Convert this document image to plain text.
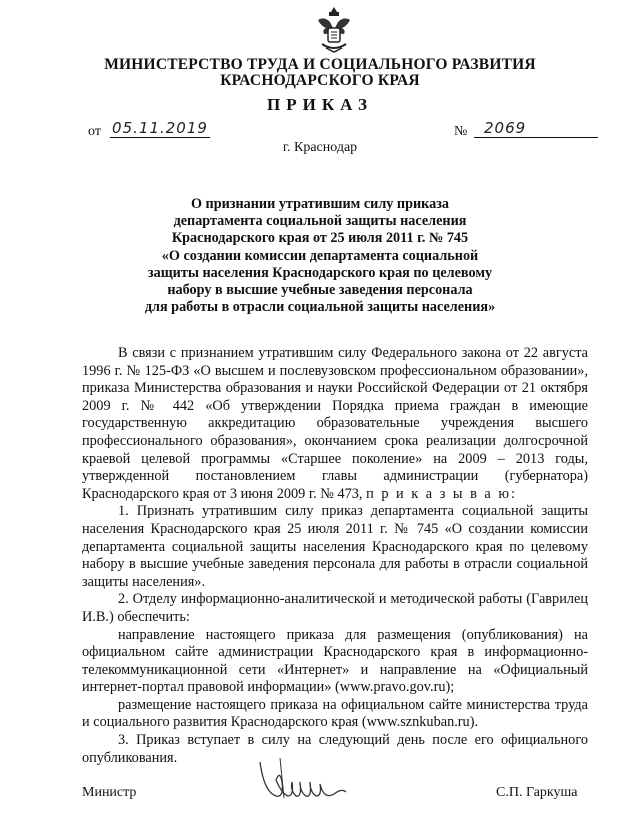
МИНИСТЕРСТВО ТРУДА И СОЦИАЛЬНОГО РАЗВИТИЯ
КРАСНОДАРСКОГО КРАЯ
ПРИКАЗ
от 05.11.2019	№	2069
г. Краснодар
О признании утратившим силу приказа
департамента социальной защиты населения
Краснодарского края от 25 июля 2011 г. № 745
«О создании комиссии департамента социальной
защиты населения Краснодарского края по целевому
набору в высшие учебные заведения персонала
для работы в отрасли социальной защиты населения»

В связи с признанием утратившим силу Федерального закона от 22 августа 1996 г. № 125-ФЗ «О высшем и послевузовском профессиональном образовании», приказа Министерства образования и науки Российской Федерации от 21 октября 2009 г. № 442 «Об утверждении Порядка приема граждан в имеющие государственную аккредитацию образовательные учреждения высшего профессионального образования», окончанием срока реализации долгосрочной краевой целевой программы «Старшее поколение» на 2009 – 2013 годы, утвержденной постановлением главы администрации (губернатора) Краснодарского края от 3 июня 2009 г. № 473, п р и к а з ы в а ю:

1. Признать утратившим силу приказ департамента социальной защиты населения Краснодарского края 25 июля 2011 г. № 745 «О создании комиссии департамента социальной защиты населения Краснодарского края по целевому набору в высшие учебные заведения персонала для работы в отрасли социальной защиты населения».

2. Отделу информационно-аналитической и методической работы (Гаврилец И.В.) обеспечить:

направление настоящего приказа для размещения (опубликования) на официальном сайте администрации Краснодарского края в информационно-телекоммуникационной сети «Интернет» и направление на «Официальный интернет-портал правовой информации» (www.pravo.gov.ru);

размещение настоящего приказа на официальном сайте министерства труда и социального развития Краснодарского края (www.sznkuban.ru).

3. Приказ вступает в силу на следующий день после его официального опубликования.

Министр	С.П. Гаркуша
